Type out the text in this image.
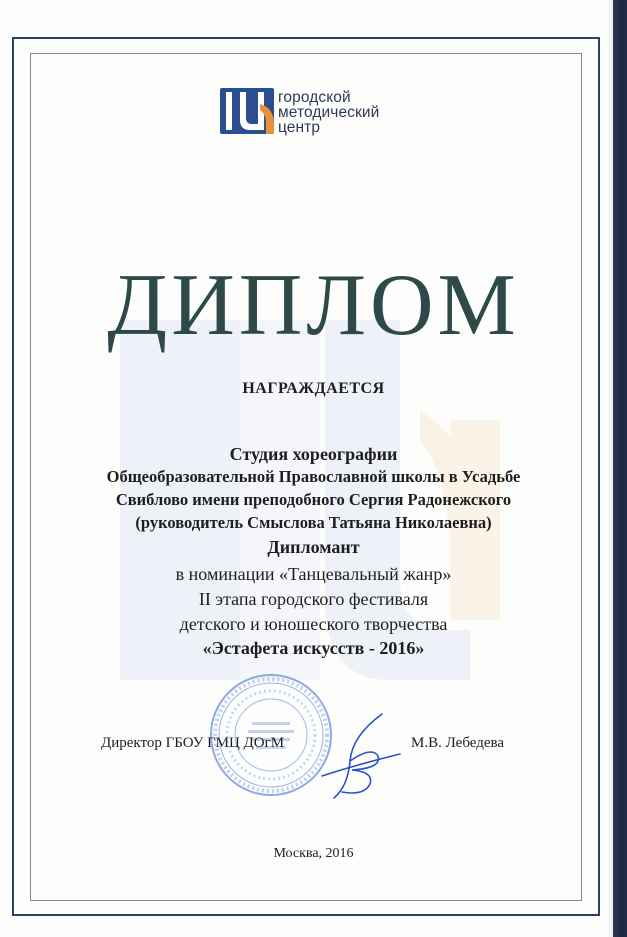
Ц
городской
методический
центр
ДИПЛОМ
НАГРАЖДАЕТСЯ
Студия хореографии
Общеобразовательной Православной школы в Усадьбе
Свиблово имени преподобного Сергия Радонежского
(руководитель Смыслова Татьяна Николаевна)
Дипломант
в номинации «Танцевальный жанр»
II этапа городского фестиваля
детского и юношеского творчества
«Эстафета искусств - 2016»
Директор ГБОУ ГМЦ ДОгМ	М.В. Лебедева
Москва, 2016
